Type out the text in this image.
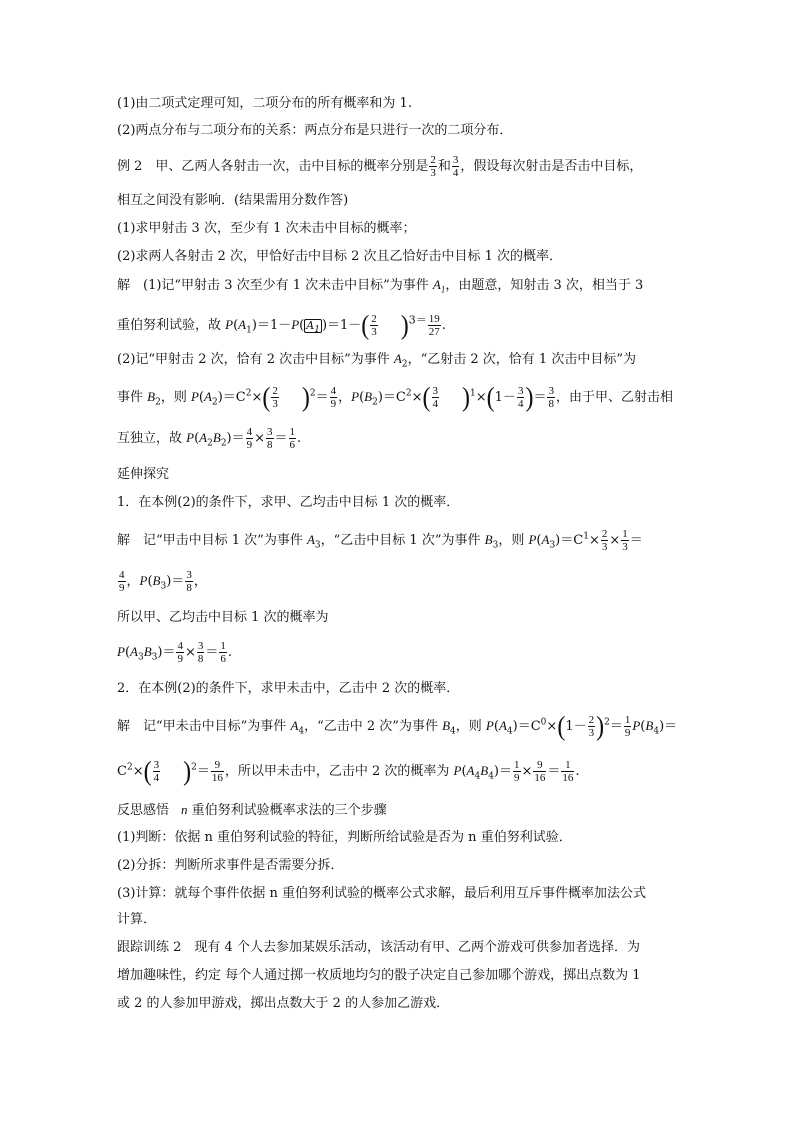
(1)由二项式定理可知，二项分布的所有概率和为 1.
(2)两点分布与二项分布的关系：两点分布是只进行一次的二项分布．
例 2　甲、乙两人各射击一次，击中目标的概率分别是 $\frac{2}{3}$ 和 $\frac{3}{4}$ ，假设每次射击是否击中目标，
相互之间没有影响．(结果需用分数作答)
(1)求甲射击 3 次，至少有 1 次未击中目标的概率；
(2)求两人各射击 2 次，甲恰好击中目标 2 次且乙恰好击中目标 1 次的概率．
解　(1)记“甲射击 3 次至少有 1 次未击中目标”为事件 $A_1$，由题意，知射击 3 次，相当于 3
重伯努利试验，故 $P(A_1)=1-P$( $A_1$ )$=1-( \frac{2}{3} )^{3=} \frac{19}{27}$ .
(2)记“甲射击 2 次，恰有 2 次击中目标”为事件 $A_2$，“乙射击 2 次，恰有 1 次击中目标”为
事件 $B_2$，则 $P(A_2)=C^2\times( \frac{2}{3} )^2= \frac{4}{9}$ ，$P(B_2)=C^2\times( \frac{3}{4} )^1\times(1- \frac{3}{4}$ )＝ $\frac{3}{8}$ ，由于甲、乙射击相
互独立，故 $P(A_2B_2)= \frac{4}{9} \times \frac{3}{8} = \frac{1}{6}$ .
延伸探究
1．在本例(2)的条件下，求甲、乙均击中目标 1 次的概率．
解　记“甲击中目标 1 次”为事件 $A_3$，“乙击中目标 1 次”为事件 $B_3$，则 $P(A_3)=C^1\times \frac{2}{3} \times \frac{1}{3}$ ＝
$\frac{4}{9}$ ，$P(B_3)= \frac{3}{8}$ ，
所以甲、乙均击中目标 1 次的概率为
$P(A_3B_3)= \frac{4}{9} \times \frac{3}{8} = \frac{1}{6}$ .
2．在本例(2)的条件下，求甲未击中，乙击中 2 次的概率．
解　记“甲未击中目标”为事件 $A_4$，“乙击中 2 次”为事件 $B_4$，则 $P(A_4)=C^0\times(1- \frac{2}{3} )^2= \frac{1}{9} P(B_4)=$
$C^2\times( \frac{3}{4} )^2= \frac{9}{16}$ ，所以甲未击中，乙击中 2 次的概率为 $P(A_4B_4)= \frac{1}{9} \times \frac{9}{16} = \frac{1}{16}$ .
反思感悟 n 重伯努利试验概率求法的三个步骤
(1)判断：依据 n 重伯努利试验的特征，判断所给试验是否为 n 重伯努利试验．
(2)分拆：判断所求事件是否需要分拆．
(3)计算：就每个事件依据 n 重伯努利试验的概率公式求解，最后利用互斥事件概率加法公式
计算．
跟踪训练 2　现有 4 个人去参加某娱乐活动，该活动有甲、乙两个游戏可供参加者选择．为
增加趣味性，约定 每个人通过掷一枚质地均匀的骰子决定自己参加哪个游戏，掷出点数为 1
或 2 的人参加甲游戏，掷出点数大于 2 的人参加乙游戏．
